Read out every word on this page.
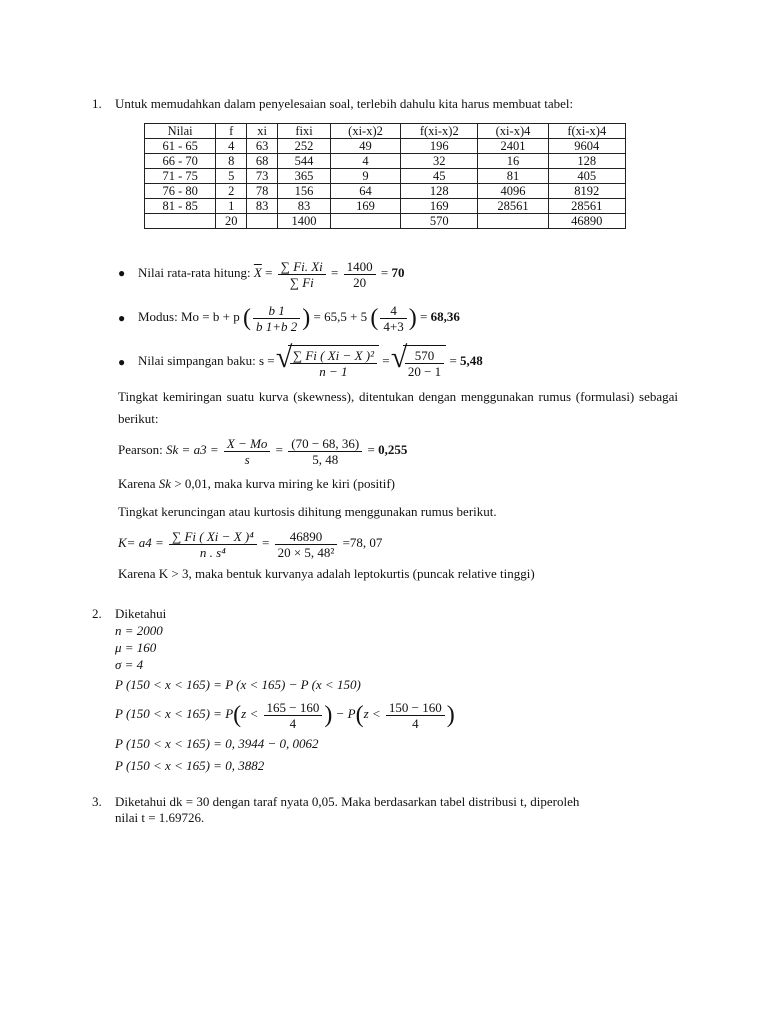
1. Untuk memudahkan dalam penyelesaian soal, terlebih dahulu kita harus membuat tabel:
Nilai	f	xi	fixi	(xi-x)2	f(xi-x)2	(xi-x)4	f(xi-x)4
61 - 65	4	63	252	49	196	2401	9604
66 - 70	8	68	544	4	32	16	128
71 - 75	5	73	365	9	45	81	405
76 - 80	2	78	156	64	128	4096	8192
81 - 85	1	83	83	169	169	28561	28561
	20		1400		570		46890
● Nilai rata-rata hitung: $\overline{X} = \frac{\sum Fi. Xi}{\sum Fi} = \frac{1400}{20} = 70$
● Modus: Mo = b + p ( $\frac{b 1}{b 1+b 2}$ ) = 65,5 + 5 ( $\frac{4}{4+3}$ ) = 68,36
● Nilai simpangan baku: s = √ $\frac{\text{∑ Fi ( Xi − X )²}}{n - 1}$ = √ $\frac{570}{20 - 1} = 5,48$
Tingkat kemiringan suatu kurva (skewness), ditentukan dengan menggunakan rumus (formulasi) sebagai berikut:
Pearson: $Sk = a3 = \frac{X - Mo}{s} = \frac{(70 - 68, 36)}{5, 48} = 0,255$
Karena Sk > 0,01, maka kurva miring ke kiri (positif)
Tingkat keruncingan atau kurtosis dihitung menggunakan rumus berikut.
$K= a4 = \frac{\text{∑ Fi ( Xi − X )⁴}}{\text{n . s⁴}} = \frac{46890}{\text{20 × 5, 48²}} =78$, 07
Karena K > 3, maka bentuk kurvanya adalah leptokurtis (puncak relative tinggi)
2. Diketahui
n = 2000
μ = 160
σ = 4
P (150 < x < 165) = P (x < 165) − P (x < 150)
P $(150 < x < 165) = P(z < \frac{165 - 160}{4}$ ) − $P(z < \frac{150 - 160}{4}$ )
P (150 < x < 165) = 0, 3944 − 0, 0062
P (150 < x < 165) = 0, 3882
3. Diketahui dk = 30 dengan taraf nyata 0,05. Maka berdasarkan tabel distribusi t, diperoleh
nilai t = 1.69726.
